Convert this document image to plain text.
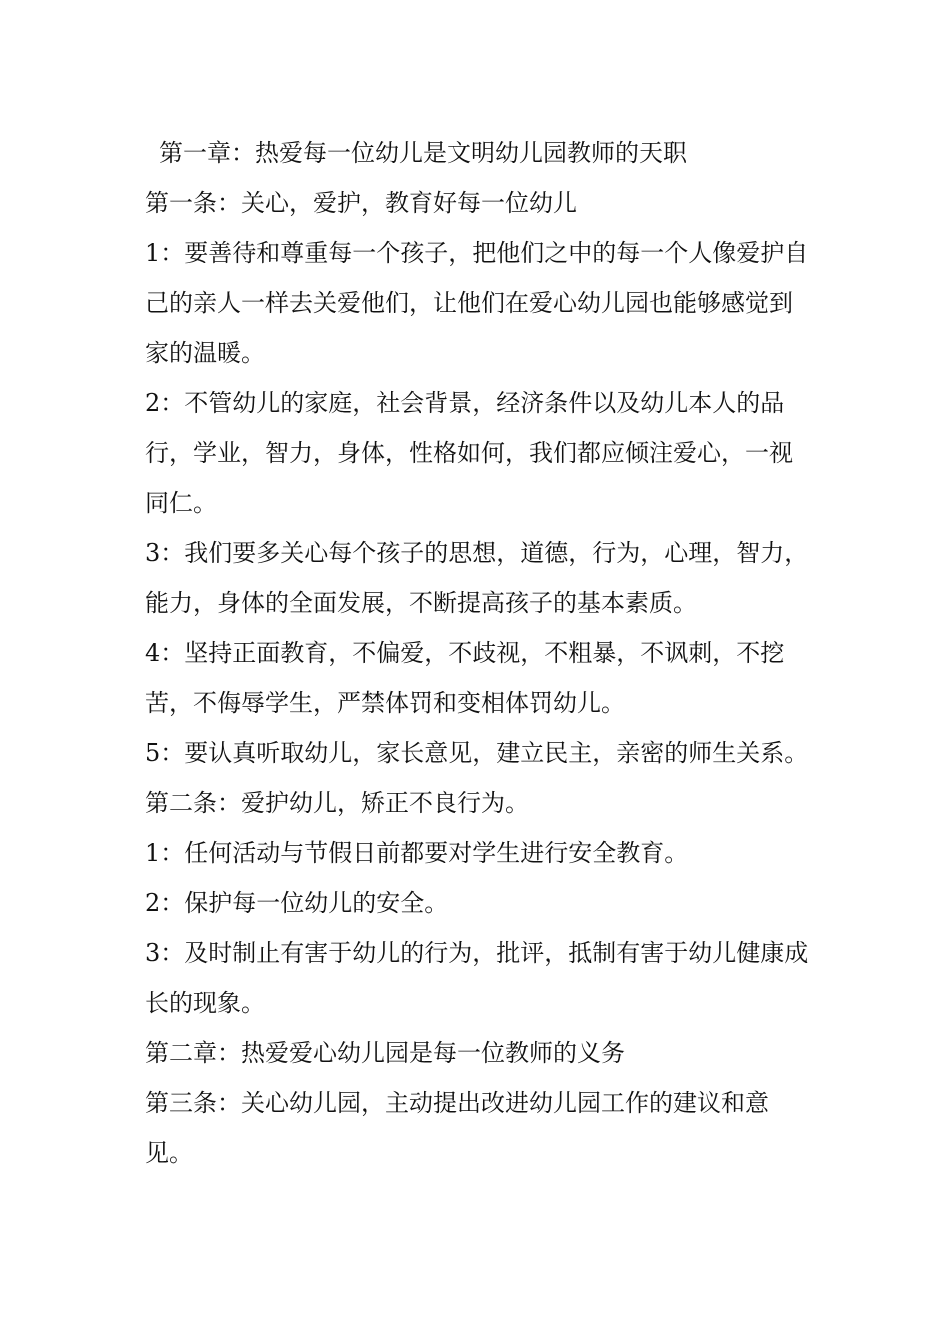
第一章：热爱每一位幼儿是文明幼儿园教师的天职

第一条：关心，爱护，教育好每一位幼儿

1：要善待和尊重每一个孩子，把他们之中的每一个人像爱护自己的亲人一样去关爱他们，让他们在爱心幼儿园也能够感觉到家的温暖。

2：不管幼儿的家庭，社会背景，经济条件以及幼儿本人的品行，学业，智力，身体，性格如何，我们都应倾注爱心，一视同仁。

3：我们要多关心每个孩子的思想，道德，行为，心理，智力，能力，身体的全面发展，不断提高孩子的基本素质。

4：坚持正面教育，不偏爱，不歧视，不粗暴，不讽刺，不挖苦，不侮辱学生，严禁体罚和变相体罚幼儿。

5：要认真听取幼儿，家长意见，建立民主，亲密的师生关系。

第二条：爱护幼儿，矫正不良行为。

1：任何活动与节假日前都要对学生进行安全教育。

2：保护每一位幼儿的安全。

3：及时制止有害于幼儿的行为，批评，抵制有害于幼儿健康成长的现象。

第二章：热爱爱心幼儿园是每一位教师的义务

第三条：关心幼儿园，主动提出改进幼儿园工作的建议和意见。
